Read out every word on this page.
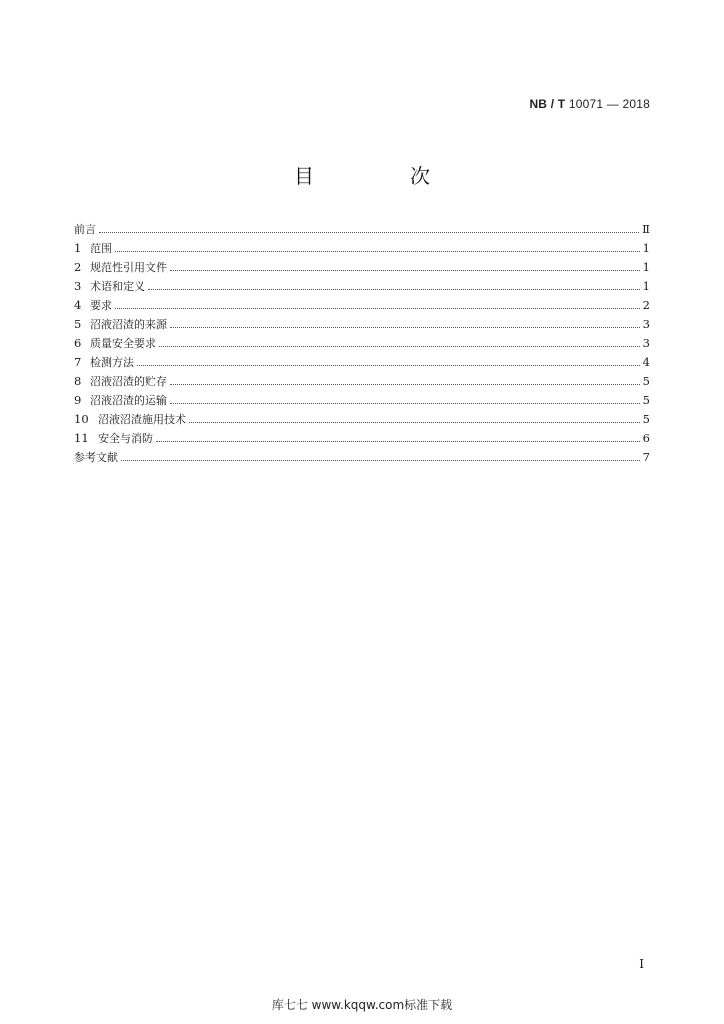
NB / T 10071 — 2018
目　次
前言	Ⅱ
1 范围	1
2 规范性引用文件	1
3 术语和定义	1
4 要求	2
5 沼液沼渣的来源	3
6 质量安全要求	3
7 检测方法	4
8 沼液沼渣的贮存	5
9 沼液沼渣的运输	5
10 沼液沼渣施用技术	5
11 安全与消防	6
参考文献	7
I
库七七 www.kqqw.com标准下载
